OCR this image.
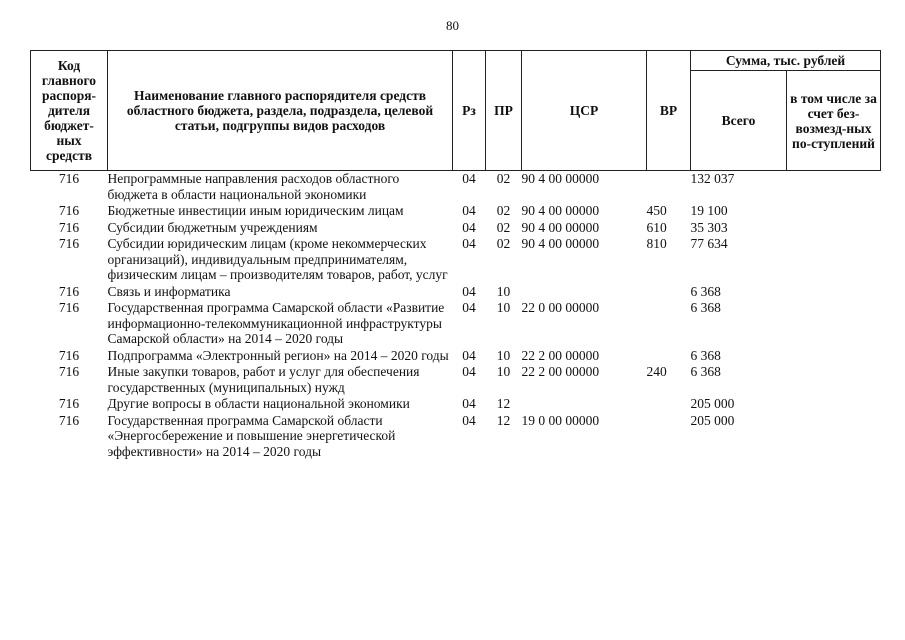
80
Код главного распоря-дителя бюджет-ных средств	Наименование главного распорядителя средств областного бюджета, раздела, подраздела, целевой статьи, подгруппы видов расходов	Рз	ПР	ЦСР	ВР	Сумма, тыс. рублей	
						Всего	в том числе за счет без-возмезд-ных по-ступлений
716	Непрограммные направления расходов областного бюджета в области национальной экономики	04	02	90 4 00 00000		132 037	
716	Бюджетные инвестиции иным юридическим лицам	04	02	90 4 00 00000	450	19 100	
716	Субсидии бюджетным учреждениям	04	02	90 4 00 00000	610	35 303	
716	Субсидии юридическим лицам (кроме некоммерческих организаций), индивидуальным предпринимателям, физическим лицам – производителям товаров, работ, услуг	04	02	90 4 00 00000	810	77 634	
716	Связь и информатика	04	10			6 368	
716	Государственная программа Самарской области «Развитие информационно-телекоммуникационной инфраструктуры Самарской области» на 2014 – 2020 годы	04	10	22 0 00 00000		6 368	
716	Подпрограмма «Электронный регион» на 2014 – 2020 годы	04	10	22 2 00 00000		6 368	
716	Иные закупки товаров, работ и услуг для обеспечения государственных (муниципальных) нужд	04	10	22 2 00 00000	240	6 368	
716	Другие вопросы в области национальной экономики	04	12			205 000	
716	Государственная программа Самарской области «Энергосбережение и повышение энергетической эффективности» на 2014 – 2020 годы	04	12	19 0 00 00000		205 000	
